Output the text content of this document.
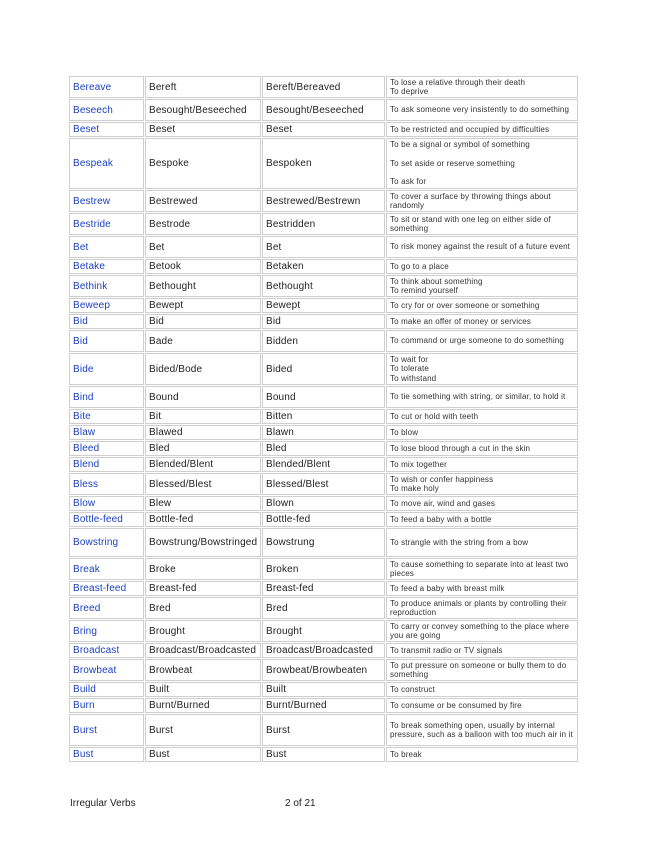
Bereave	Bereft	Bereft/Bereaved	To lose a relative through their death
To deprive

Beseech	Besought/Beseeched	Besought/Beseeched	To ask someone very insistently to do something

Beset	Beset	Beset	To be restricted and occupied by difficulties

Bespeak	Bespoke	Bespoken	To be a signal or symbol of something
To set aside or reserve something
To ask for

Bestrew	Bestrewed	Bestrewed/Bestrewn	To cover a surface by throwing things about randomly

Bestride	Bestrode	Bestridden	To sit or stand with one leg on either side of something

Bet	Bet	Bet	To risk money against the result of a future event

Betake	Betook	Betaken	To go to a place

Bethink	Bethought	Bethought	To think about something
To remind yourself

Beweep	Bewept	Bewept	To cry for or over someone or something

Bid	Bid	Bid	To make an offer of money or services

Bid	Bade	Bidden	To command or urge someone to do something

Bide	Bided/Bode	Bided	To wait for
To tolerate
To withstand

Bind	Bound	Bound	To tie something with string, or similar, to hold it

Bite	Bit	Bitten	To cut or hold with teeth

Blaw	Blawed	Blawn	To blow

Bleed	Bled	Bled	To lose blood through a cut in the skin

Blend	Blended/Blent	Blended/Blent	To mix together

Bless	Blessed/Blest	Blessed/Blest	To wish or confer happiness
To make holy

Blow	Blew	Blown	To move air, wind and gases

Bottle-feed	Bottle-fed	Bottle-fed	To feed a baby with a bottle

Bowstring	Bowstrung/Bowstringed	Bowstrung	To strangle with the string from a bow

Break	Broke	Broken	To cause something to separate into at least two pieces

Breast-feed	Breast-fed	Breast-fed	To feed a baby with breast milk

Breed	Bred	Bred	To produce animals or plants by controlling their reproduction

Bring	Brought	Brought	To carry or convey something to the place where you are going

Broadcast	Broadcast/Broadcasted	Broadcast/Broadcasted	To transmit radio or TV signals

Browbeat	Browbeat	Browbeat/Browbeaten	To put pressure on someone or bully them to do something

Build	Built	Built	To construct

Burn	Burnt/Burned	Burnt/Burned	To consume or be consumed by fire

Burst	Burst	Burst	To break something open, usually by internal pressure, such as a balloon with too much air in it

Bust	Bust	Bust	To break
Irregular Verbs	2 of 21
